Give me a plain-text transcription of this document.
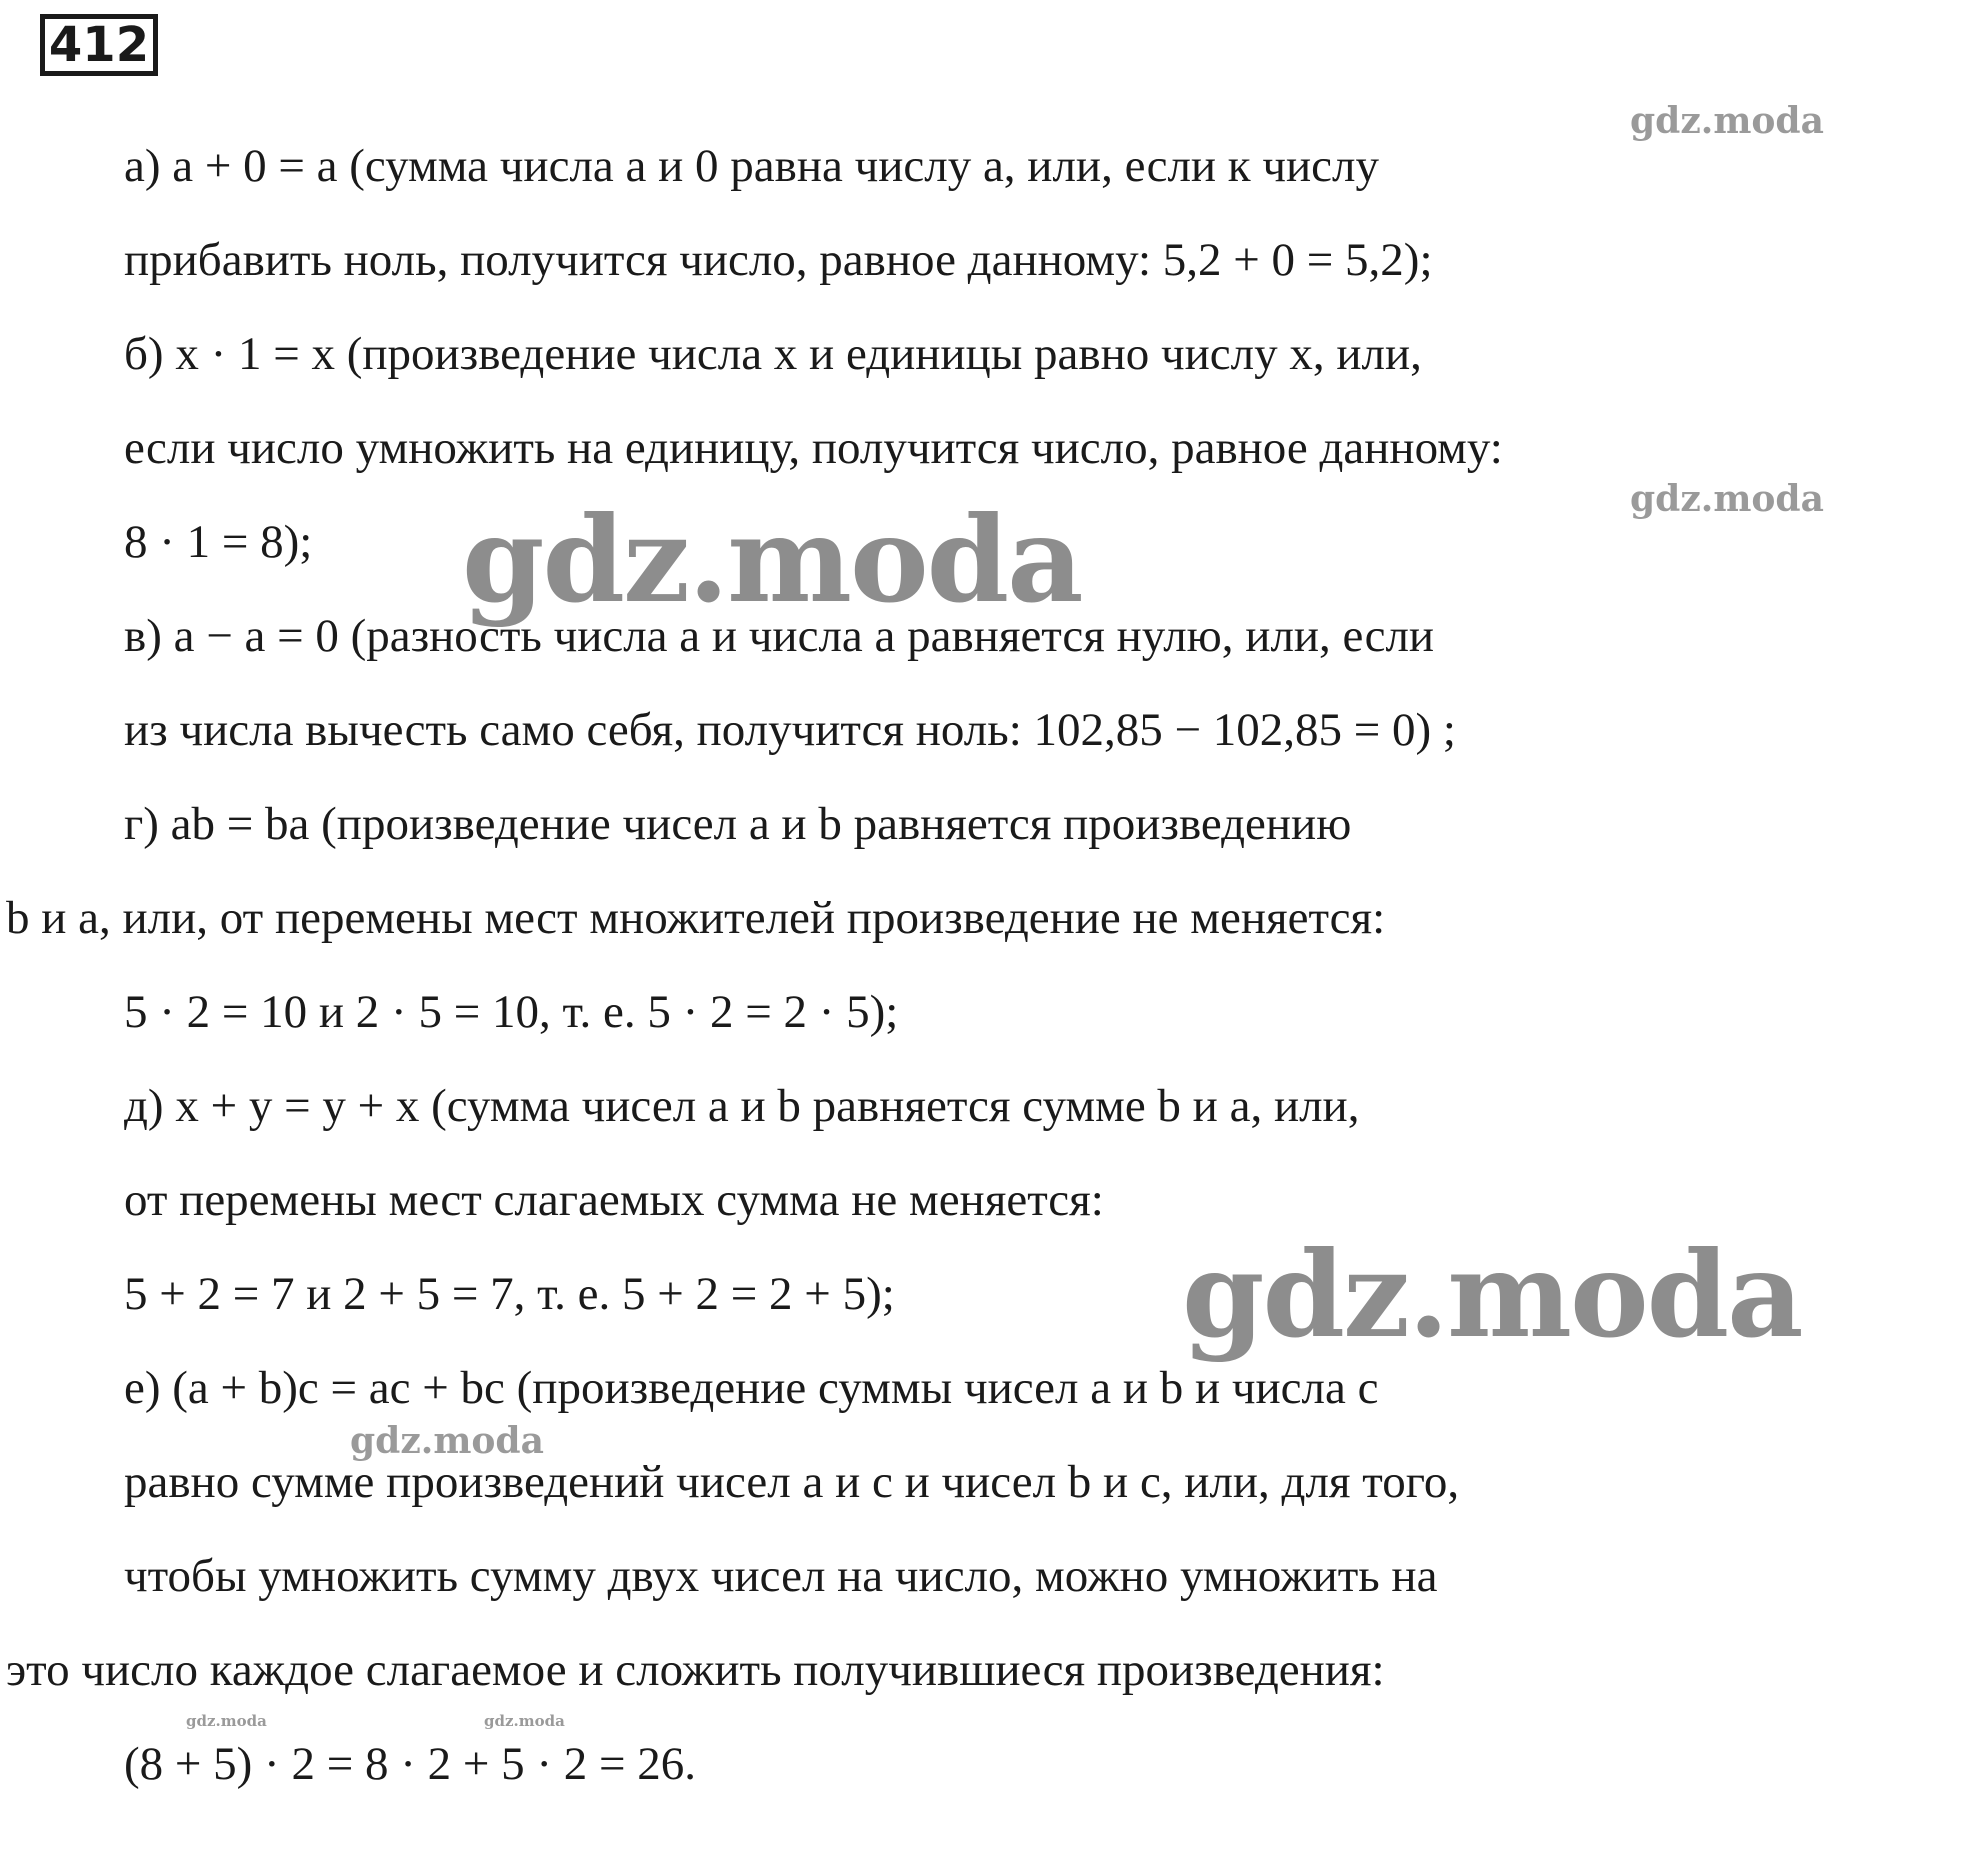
412
а) a + 0 = a (сумма числа a и 0 равна числу a, или, если к числу
прибавить ноль, получится число, равное данному: 5,2 + 0 = 5,2);
б) x · 1 = x (произведение числа x и единицы равно числу x, или,
если число умножить на единицу, получится число, равное данному:
8 · 1 = 8);
в) a − a = 0 (разность числа a и числа a равняется нулю, или, если
из числа вычесть само себя, получится ноль: 102,85 − 102,85 = 0) ;
г) ab = ba (произведение чисел a и b равняется произведению
b и a, или, от перемены мест множителей произведение не меняется:
5 · 2 = 10 и 2 · 5 = 10, т. е. 5 · 2 = 2 · 5);
д) x + y = y + x (сумма чисел a и b равняется сумме b и a, или,
от перемены мест слагаемых сумма не меняется:
5 + 2 = 7 и 2 + 5 = 7, т. е. 5 + 2 = 2 + 5);
е) (a + b)c = ac + bc (произведение суммы чисел a и b и числа c
равно сумме произведений чисел a и c и чисел b и c, или, для того,
чтобы умножить сумму двух чисел на число, можно умножить на
это число каждое слагаемое и сложить получившиеся произведения:
(8 + 5) · 2 = 8 · 2 + 5 · 2 = 26.
gdz.moda
gdz.moda
gdz.moda
gdz.moda
gdz.moda
gdz.moda	gdz.moda
